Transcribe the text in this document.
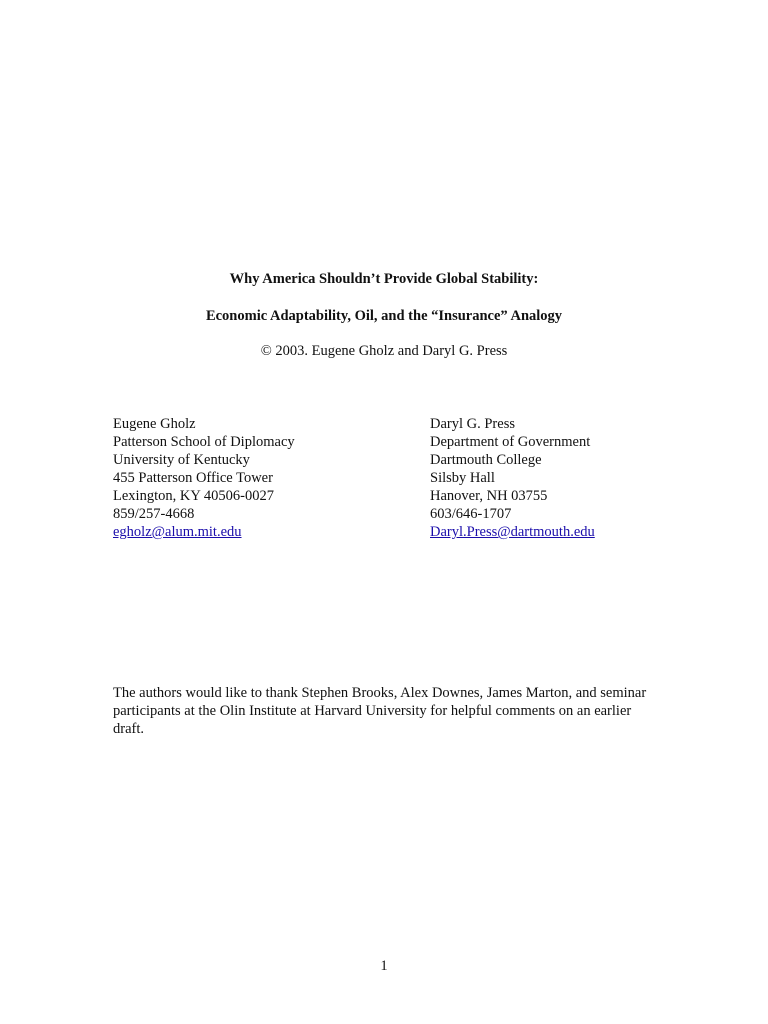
Why America Shouldn’t Provide Global Stability:
Economic Adaptability, Oil, and the “Insurance” Analogy
© 2003. Eugene Gholz and Daryl G. Press
Eugene Gholz
Patterson School of Diplomacy
University of Kentucky
455 Patterson Office Tower
Lexington, KY 40506-0027
859/257-4668
egholz@alum.mit.edu
Daryl G. Press
Department of Government
Dartmouth College
Silsby Hall
Hanover, NH 03755
603/646-1707
Daryl.Press@dartmouth.edu
The authors would like to thank Stephen Brooks, Alex Downes, James Marton, and seminar participants at the Olin Institute at Harvard University for helpful comments on an earlier draft.
1
